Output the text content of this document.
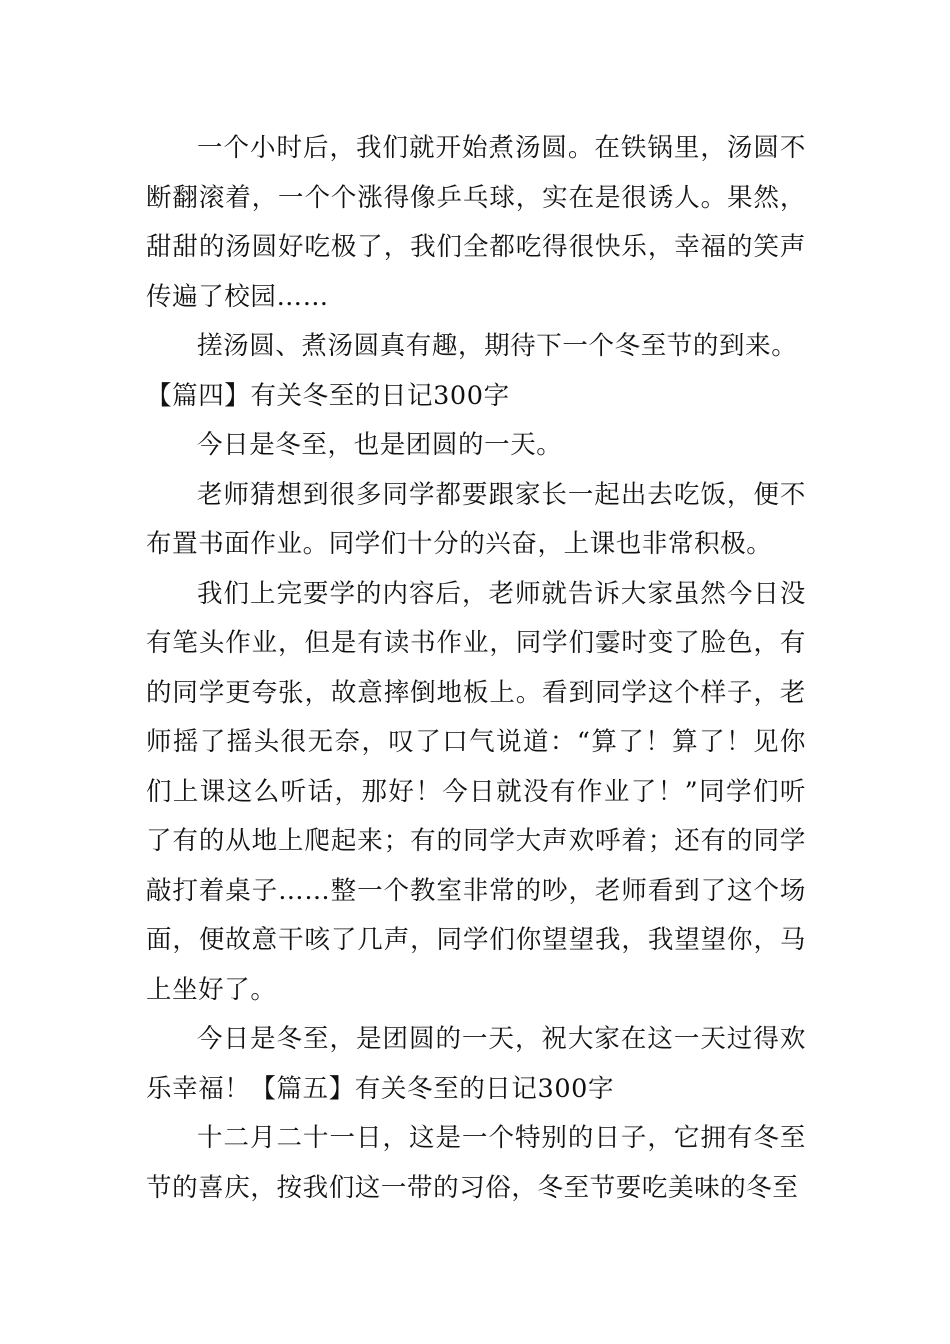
一个小时后，我们就开始煮汤圆。在铁锅里，汤圆不断翻滚着，一个个涨得像乒乓球，实在是很诱人。果然，甜甜的汤圆好吃极了，我们全都吃得很快乐，幸福的笑声传遍了校园……

搓汤圆、煮汤圆真有趣，期待下一个冬至节的到来。

【篇四】有关冬至的日记300字

今日是冬至，也是团圆的一天。

老师猜想到很多同学都要跟家长一起出去吃饭，便不布置书面作业。同学们十分的兴奋，上课也非常积极。

我们上完要学的内容后，老师就告诉大家虽然今日没有笔头作业，但是有读书作业，同学们霎时变了脸色，有的同学更夸张，故意摔倒地板上。看到同学这个样子，老师摇了摇头很无奈，叹了口气说道：“算了！算了！见你们上课这么听话，那好！今日就没有作业了！”同学们听了有的从地上爬起来；有的同学大声欢呼着；还有的同学敲打着桌子……整一个教室非常的吵，老师看到了这个场面，便故意干咳了几声，同学们你望望我，我望望你，马上坐好了。

今日是冬至，是团圆的一天，祝大家在这一天过得欢乐幸福！【篇五】有关冬至的日记300字

十二月二十一日，这是一个特别的日子，它拥有冬至节的喜庆，按我们这一带的习俗，冬至节要吃美味的冬至
